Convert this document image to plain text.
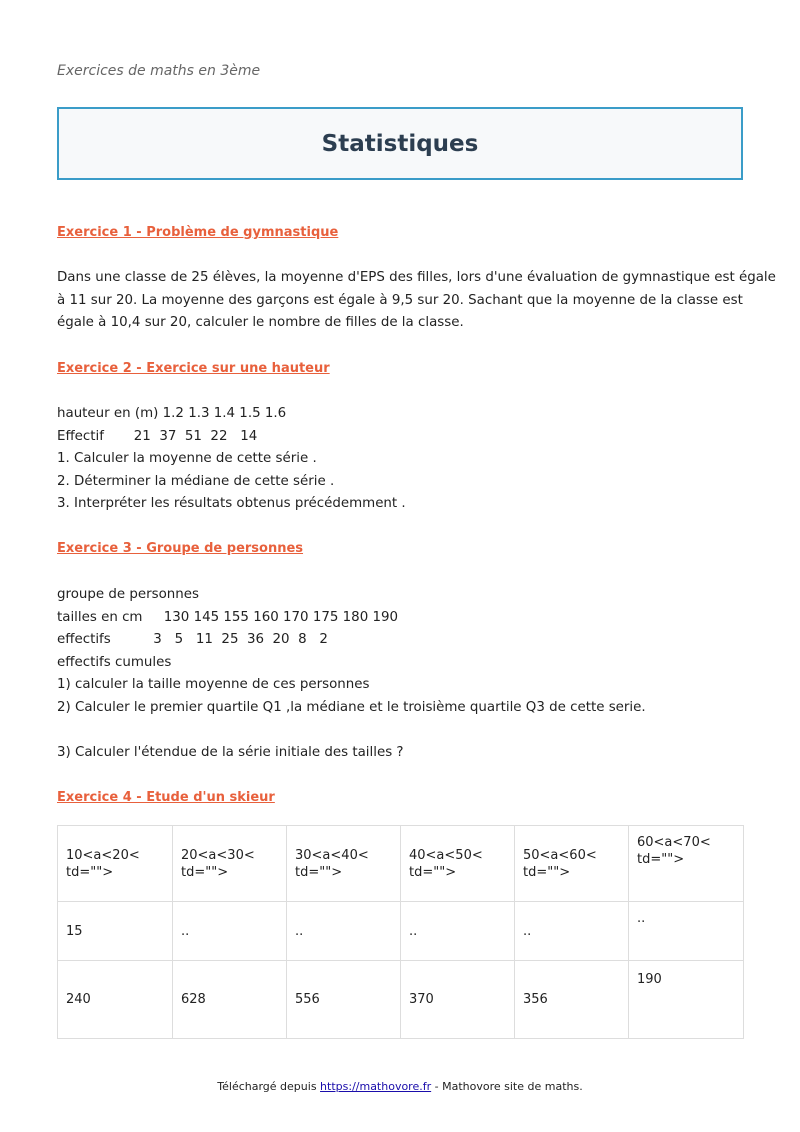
Exercices de maths en 3ème
Statistiques
Exercice 1 - Problème de gymnastique
Dans une classe de 25 élèves, la moyenne d'EPS des filles, lors d'une évaluation de gymnastique est égale
à 11 sur 20. La moyenne des garçons est égale à 9,5 sur 20. Sachant que la moyenne de la classe est
égale à 10,4 sur 20, calculer le nombre de filles de la classe.
Exercice 2 - Exercice sur une hauteur
hauteur en (m) 1.2 1.3 1.4 1.5 1.6
Effectif       21  37  51  22   14
1. Calculer la moyenne de cette série .
2. Déterminer la médiane de cette série .
3. Interpréter les résultats obtenus précédemment .
Exercice 3 - Groupe de personnes
groupe de personnes
tailles en cm     130 145 155 160 170 175 180 190
effectifs          3   5   11  25  36  20  8   2
effectifs cumules
1) calculer la taille moyenne de ces personnes
2) Calculer le premier quartile Q1 ,la médiane et le troisième quartile Q3 de cette serie.
3) Calculer l'étendue de la série initiale des tailles ?
Exercice 4 - Etude d'un skieur
10<a<20< td="">	20<a<30< td="">	30<a<40< td="">	40<a<50< td="">	50<a<60< td="">	60<a<70< td="">
15	..	..	..	..	..
240	628	556	370	356	190
Téléchargé depuis https://mathovore.fr - Mathovore site de maths.
